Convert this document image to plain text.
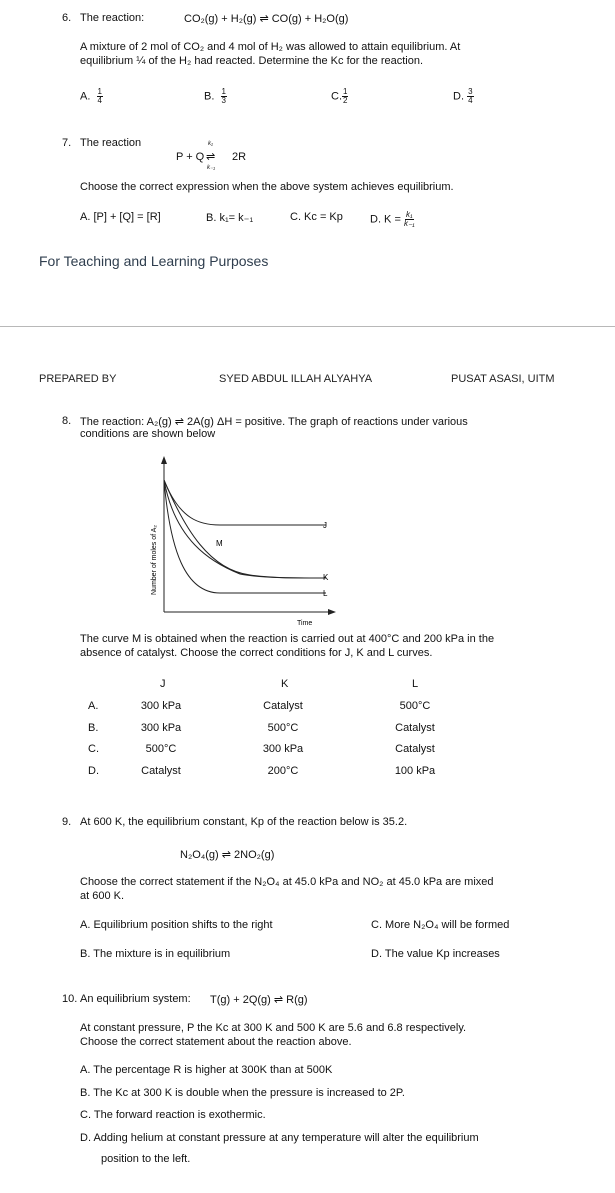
6. The reaction:	CO₂(g) + H₂(g) ⇌ CO(g) + H₂O(g)
A mixture of 2 mol of CO₂ and 4 mol of H₂ was allowed to attain equilibrium. At
equilibrium ¼ of the H₂ had reacted. Determine the Kc for the reaction.
A. $\frac{1}{4}$	B. $\frac{1}{3}$	C. $\frac{1}{2}$	D. $\frac{3}{4}$
7. The reaction
P + Q
k₁
⇌
k₋₁
2R
Choose the correct expression when the above system achieves equilibrium.
A. [P] + [Q] = [R]	B. k₁= k₋₁	C. Kc = Kp D. $K = \frac{\text{k₁}}{\text{k₋₁}}$
For Teaching and Learning Purposes
PREPARED BY	SYED ABDUL ILLAH ALYAHYA	PUSAT ASASI, UITM
8. The reaction: A₂(g) ⇌ 2A(g) ΔH = positive. The graph of reactions under various
conditions are shown below
J
M
K
L
Time
Number of moles of A₂
The curve M is obtained when the reaction is carried out at 400°C and 200 kPa in the
absence of catalyst. Choose the correct conditions for J, K and L curves.
J	K	L
A.	300 kPa	Catalyst	500°C
B.	300 kPa	500°C	Catalyst
C.	500°C	300 kPa	Catalyst
D.	Catalyst	200°C	100 kPa
9. At 600 K, the equilibrium constant, Kp of the reaction below is 35.2.
N₂O₄(g) ⇌ 2NO₂(g)
Choose the correct statement if the N₂O₄ at 45.0 kPa and NO₂ at 45.0 kPa are mixed
at 600 K.
A. Equilibrium position shifts to the right	C. More N₂O₄ will be formed
B. The mixture is in equilibrium	D. The value Kp increases
10. An equilibrium system: T(g) + 2Q(g) ⇌ R(g)
At constant pressure, P the Kc at 300 K and 500 K are 5.6 and 6.8 respectively.
Choose the correct statement about the reaction above.
A. The percentage R is higher at 300K than at 500K
B. The Kc at 300 K is double when the pressure is increased to 2P.
C. The forward reaction is exothermic.
D. Adding helium at constant pressure at any temperature will alter the equilibrium
position to the left.
